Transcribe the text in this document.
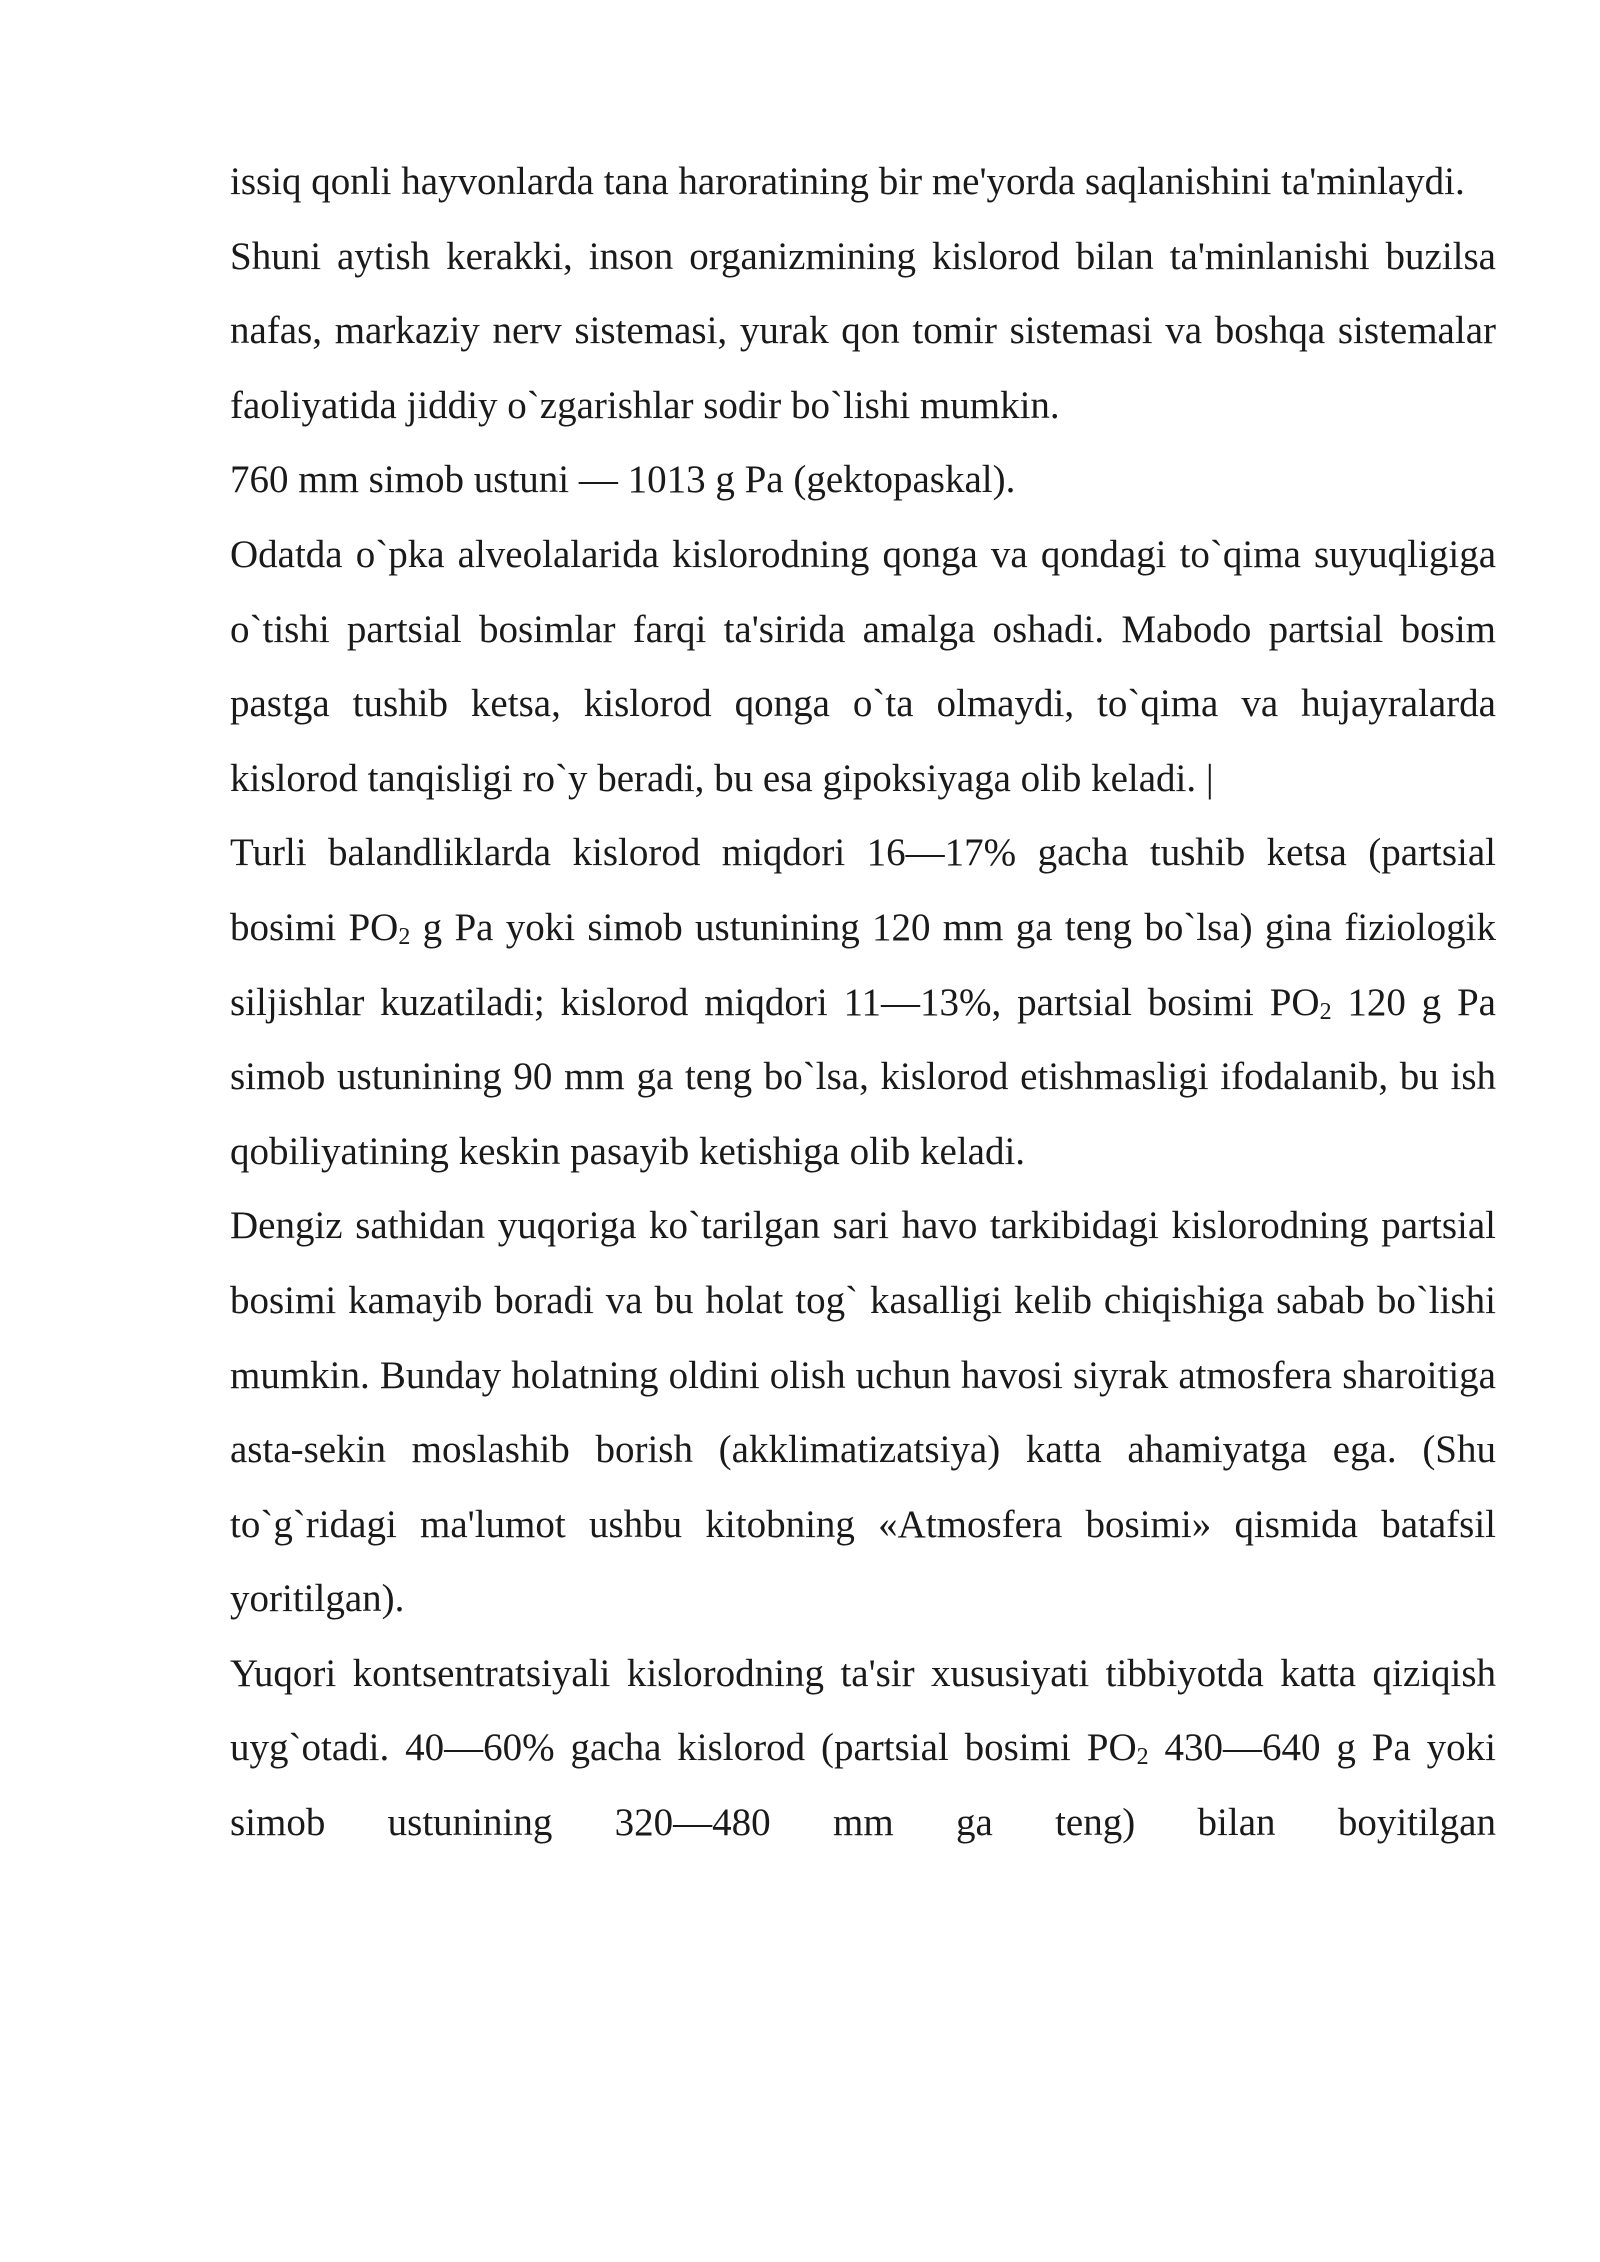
issiq qonli hayvonlarda tana haroratining bir me'yorda saqlanishini ta'minlaydi.

Shuni aytish kerakki, inson organizmining kislorod bilan ta'minlanishi buzilsa nafas, markaziy nerv sistemasi, yurak qon tomir sistemasi va boshqa sistemalar faoliyatida jiddiy o`zgarishlar sodir bo`lishi mumkin.

760 mm simob ustuni — 1013 g Pa (gektopaskal).

Odatda o`pka alveolalarida kislorodning qonga va qondagi to`qima suyuqligiga o`tishi partsial bosimlar farqi ta'sirida amalga oshadi. Mabodo partsial bosim pastga tushib ketsa, kislorod qonga o`ta olmaydi, to`qima va hujayralarda kislorod tanqisligi ro`y beradi, bu esa gipoksiyaga olib keladi. |

Turli balandliklarda kislorod miqdori 16—17% gacha tushib ketsa (partsial bosimi $PO_2$ g Pa yoki simob ustunining 120 mm ga teng bo`lsa) gina fiziologik siljishlar kuzatiladi; kislorod miqdori 11—13%, partsial bosimi $PO_2$ 120 g Pa simob ustunining 90 mm ga teng bo`lsa, kislorod etishmasligi ifodalanib, bu ish qobiliyatining keskin pasayib ketishiga olib keladi.

Dengiz sathidan yuqoriga ko`tarilgan sari havo tarkibidagi kislorodning partsial bosimi kamayib boradi va bu holat tog` kasalligi kelib chiqishiga sabab bo`lishi mumkin. Bunday holatning oldini olish uchun havosi siyrak atmosfera sharoitiga asta-sekin moslashib borish (akklimatizatsiya) katta ahamiyatga ega. (Shu to`g`ridagi ma'lumot ushbu kitobning «Atmosfera bosimi» qismida batafsil yoritilgan).

Yuqori kontsentratsiyali kislorodning ta'sir xususiyati tibbiyotda katta qiziqish uyg`otadi. 40—60% gacha kislorod (partsial bosimi $PO_2$ 430—640 g Pa yoki simob ustunining 320—480 mm ga teng) bilan boyitilgan
